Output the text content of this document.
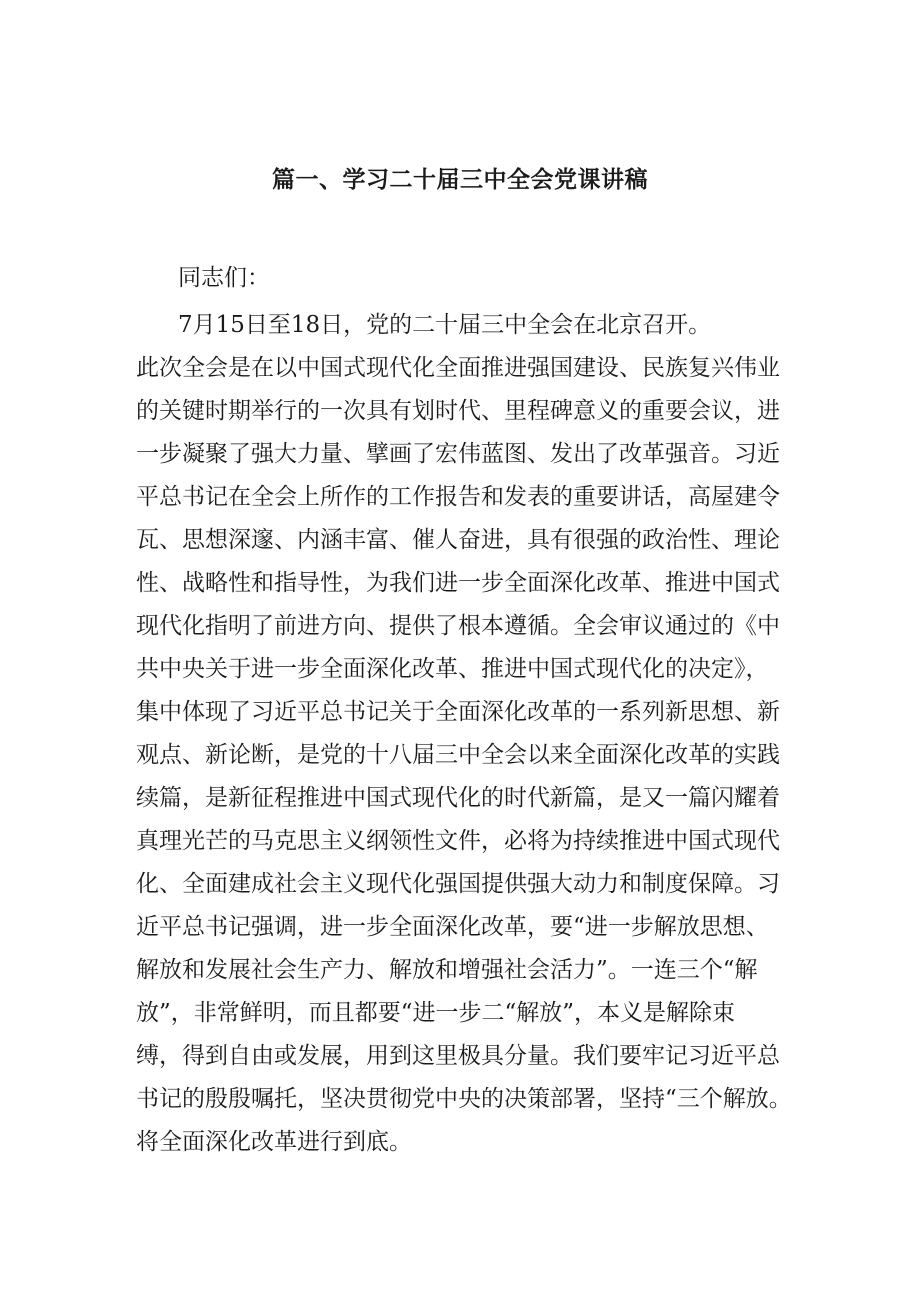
篇一、学习二十届三中全会党课讲稿

同志们：

7月15日至18日，党的二十届三中全会在北京召开。
此次全会是在以中国式现代化全面推进强国建设、民族复兴伟业
的关键时期举行的一次具有划时代、里程碑意义的重要会议，进
一步凝聚了强大力量、擘画了宏伟蓝图、发出了改革强音。习近
平总书记在全会上所作的工作报告和发表的重要讲话，高屋建令
瓦、思想深邃、内涵丰富、催人奋进，具有很强的政治性、理论
性、战略性和指导性，为我们进一步全面深化改革、推进中国式
现代化指明了前进方向、提供了根本遵循。全会审议通过的《中
共中央关于进一步全面深化改革、推进中国式现代化的决定》，
集中体现了习近平总书记关于全面深化改革的一系列新思想、新
观点、新论断，是党的十八届三中全会以来全面深化改革的实践
续篇，是新征程推进中国式现代化的时代新篇，是又一篇闪耀着
真理光芒的马克思主义纲领性文件，必将为持续推进中国式现代
化、全面建成社会主义现代化强国提供强大动力和制度保障。习
近平总书记强调，进一步全面深化改革，要“进一步解放思想、
解放和发展社会生产力、解放和增强社会活力”。一连三个“解
放”，非常鲜明，而且都要“进一步二“解放”，本义是解除束
缚，得到自由或发展，用到这里极具分量。我们要牢记习近平总
书记的殷殷嘱托，坚决贯彻党中央的决策部署，坚持“三个解放。
将全面深化改革进行到底。
